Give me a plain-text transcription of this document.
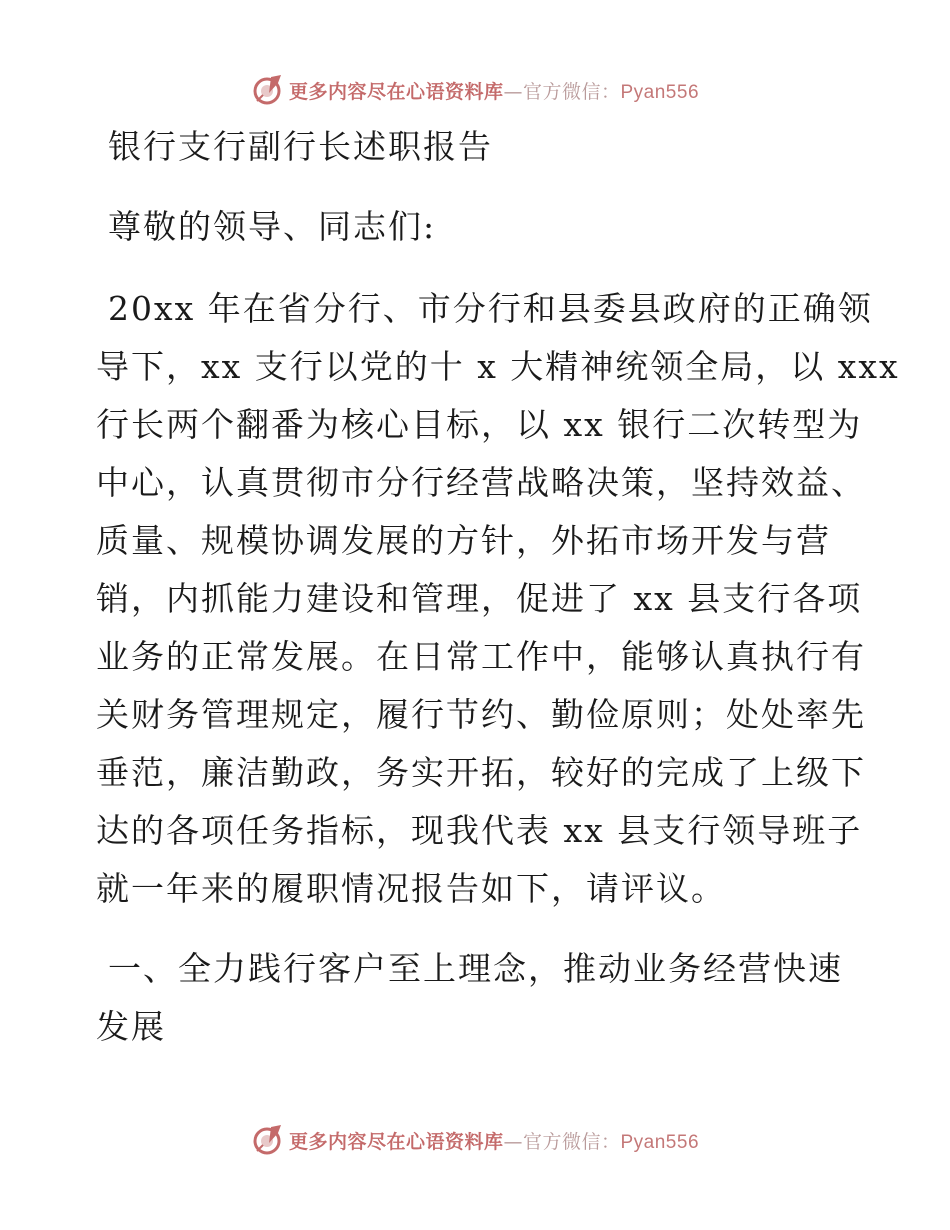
更多内容尽在心语资料库—官方微信：Pyan556
银行支行副行长述职报告

尊敬的领导、同志们:

20xx 年在省分行、市分行和县委县政府的正确领
导下，xx 支行以党的十 x 大精神统领全局，以 xxx
行长两个翻番为核心目标，以 xx 银行二次转型为
中心，认真贯彻市分行经营战略决策，坚持效益、
质量、规模协调发展的方针，外拓市场开发与营
销，内抓能力建设和管理，促进了 xx 县支行各项
业务的正常发展。在日常工作中，能够认真执行有
关财务管理规定，履行节约、勤俭原则；处处率先
垂范，廉洁勤政，务实开拓，较好的完成了上级下
达的各项任务指标，现我代表 xx 县支行领导班子
就一年来的履职情况报告如下，请评议。
一、全力践行客户至上理念，推动业务经营快速
发展
更多内容尽在心语资料库—官方微信：Pyan556
